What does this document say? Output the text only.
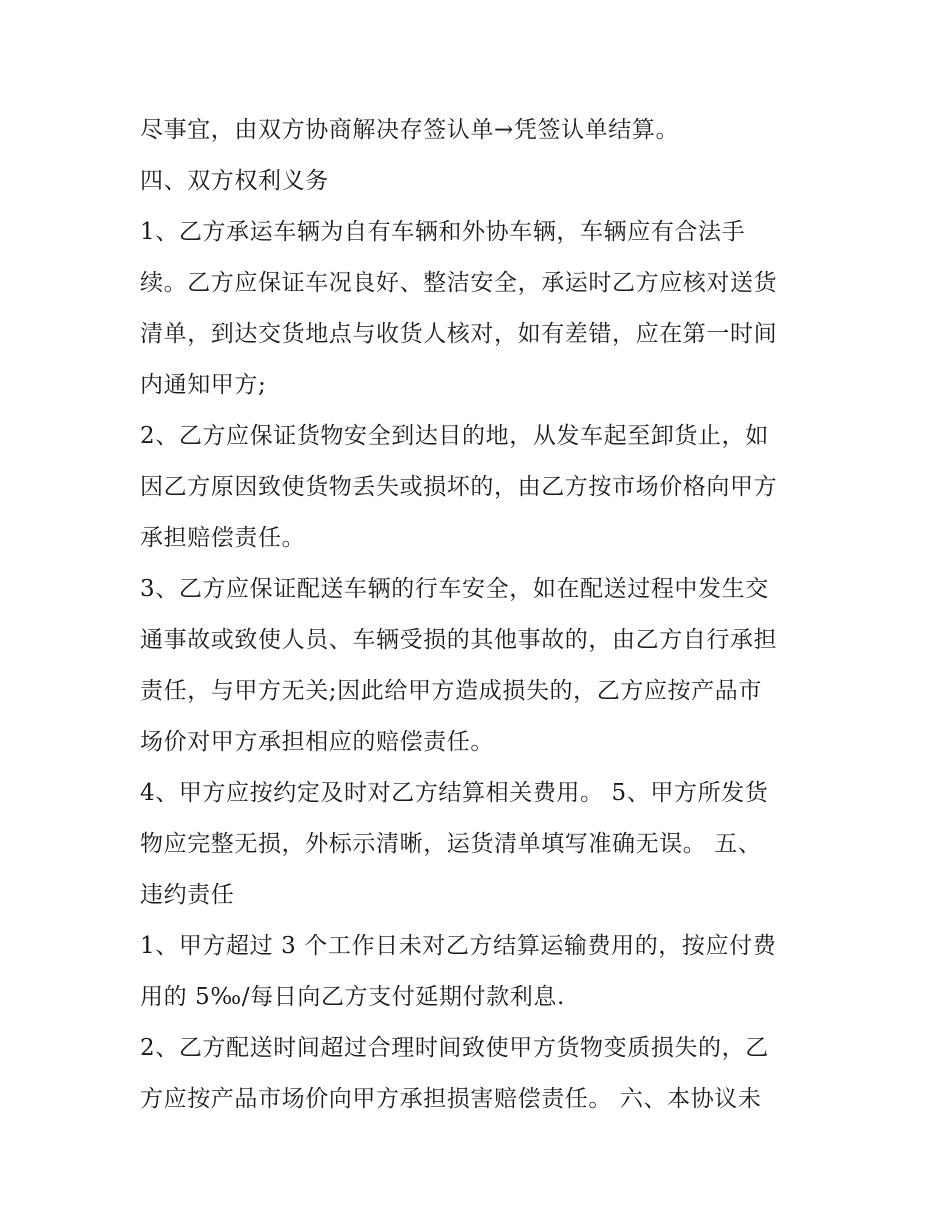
尽事宜，由双方协商解决存签认单→凭签认单结算。
四、双方权利义务
1、乙方承运车辆为自有车辆和外协车辆，车辆应有合法手
续。乙方应保证车况良好、整洁安全，承运时乙方应核对送货
清单，到达交货地点与收货人核对，如有差错，应在第一时间
内通知甲方;
2、乙方应保证货物安全到达目的地，从发车起至卸货止，如
因乙方原因致使货物丢失或损坏的，由乙方按市场价格向甲方
承担赔偿责任。
3、乙方应保证配送车辆的行车安全，如在配送过程中发生交
通事故或致使人员、车辆受损的其他事故的，由乙方自行承担
责任，与甲方无关;因此给甲方造成损失的，乙方应按产品市
场价对甲方承担相应的赔偿责任。
4、甲方应按约定及时对乙方结算相关费用。 5、甲方所发货
物应完整无损，外标示清晰，运货清单填写准确无误。 五、
违约责任
1、甲方超过 3 个工作日未对乙方结算运输费用的，按应付费
用的 5‰/每日向乙方支付延期付款利息.
2、乙方配送时间超过合理时间致使甲方货物变质损失的，乙
方应按产品市场价向甲方承担损害赔偿责任。 六、本协议未
